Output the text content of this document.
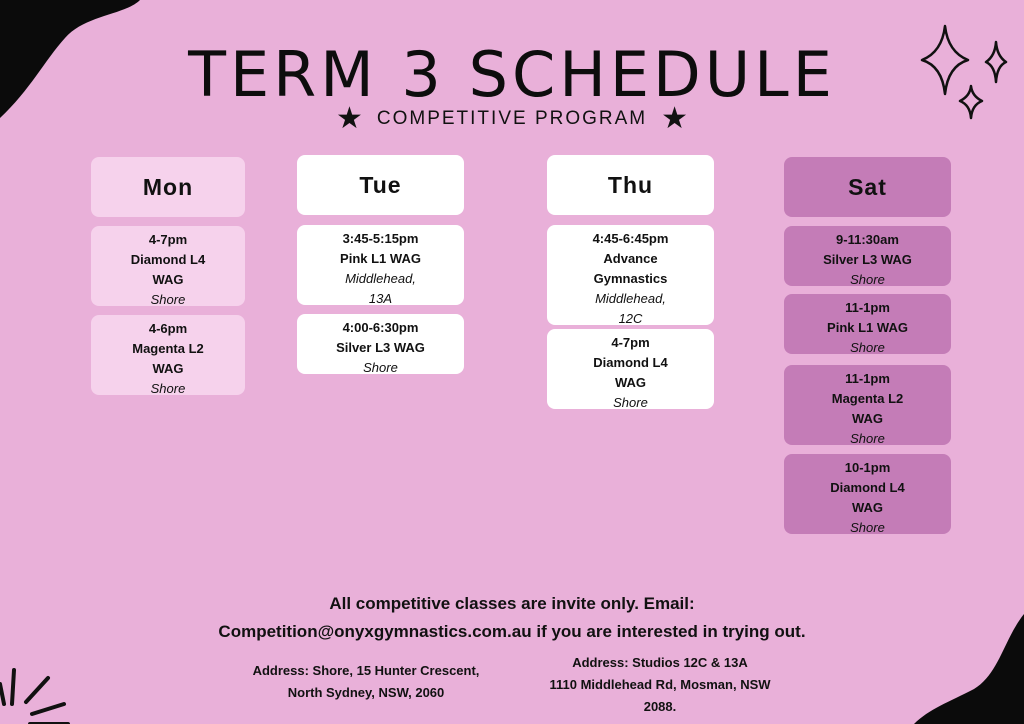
TERM 3 SCHEDULE
★ COMPETITIVE PROGRAM ★
Mon
4-7pm
Diamond L4
WAG
Shore
4-6pm
Magenta L2
WAG
Shore
Tue
3:45-5:15pm
Pink L1 WAG
Middlehead,
13A
4:00-6:30pm
Silver L3 WAG
Shore
Thu
4:45-6:45pm
Advance
Gymnastics
Middlehead,
12C
4-7pm
Diamond L4
WAG
Shore
Sat
9-11:30am
Silver L3 WAG
Shore
11-1pm
Pink L1 WAG
Shore
11-1pm
Magenta L2
WAG
Shore
10-1pm
Diamond L4
WAG
Shore
All competitive classes are invite only. Email:
Competition@onyxgymnastics.com.au if you are interested in trying out.
Address: Shore, 15 Hunter Crescent,
North Sydney, NSW, 2060
Address: Studios 12C & 13A
1110 Middlehead Rd, Mosman, NSW
2088.
